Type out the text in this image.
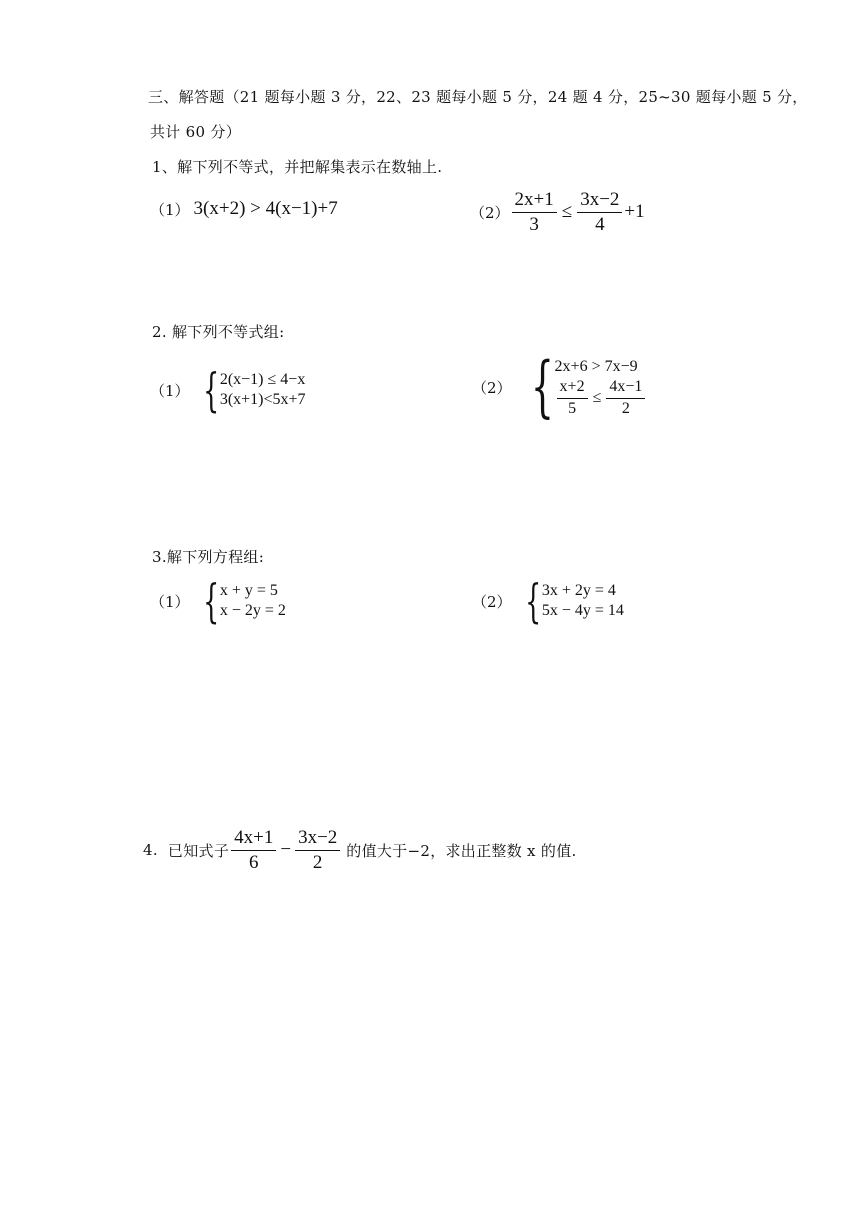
三、解答题（21 题每小题 3 分，22、23 题每小题 5 分，24 题 4 分，25~30 题每小题 5 分，
共计 60 分）
1、解下列不等式，并把解集表示在数轴上.
（1） 3(x+2) > 4(x−1)+7	$(2) \frac{2x+1}{3} \le \frac{3x-2}{4} +1$
2. 解下列不等式组:
（1） { 2(x−1) ≤ 4−x
3(x+1)<5x+7
（2） { 2x+6 > 7x−9
$\frac{x+2}{5} \le \frac{4x-1}{2}$
3.解下列方程组:
（1） { x + y = 5
x − 2y = 2	（2） { 3x + 2y = 4
5x − 4y = 14
4. 已知式子 $\frac{4x+1}{6} - \frac{3x-2}{2}$ 的值大于−2，求出正整数 x 的值.
